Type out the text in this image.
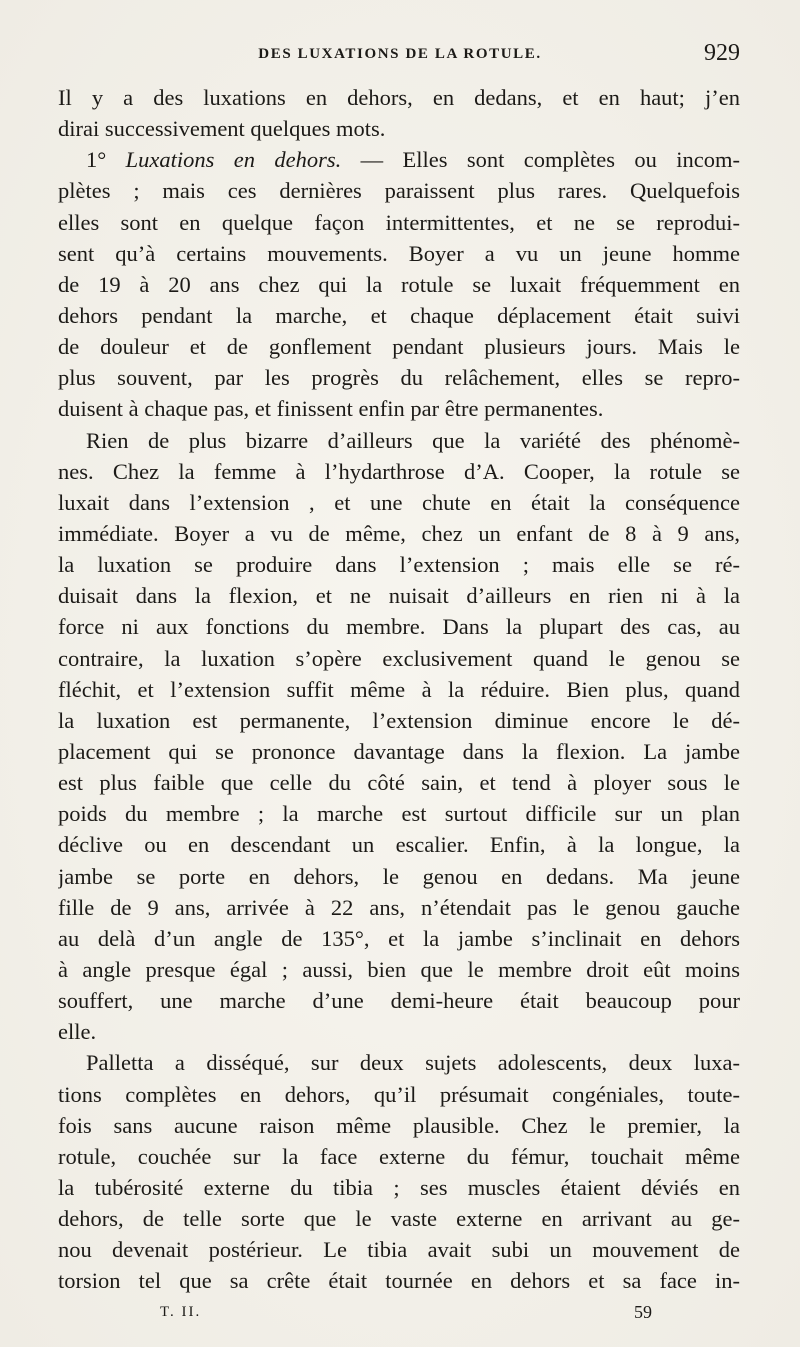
DES LUXATIONS DE LA ROTULE.	929
Il y a des luxations en dehors, en dedans, et en haut; j’en
dirai successivement quelques mots.
1° Luxations en dehors. — Elles sont complètes ou incom-
plètes ; mais ces dernières paraissent plus rares. Quelquefois
elles sont en quelque façon intermittentes, et ne se reprodui-
sent qu’à certains mouvements. Boyer a vu un jeune homme
de 19 à 20 ans chez qui la rotule se luxait fréquemment en
dehors pendant la marche, et chaque déplacement était suivi
de douleur et de gonflement pendant plusieurs jours. Mais le
plus souvent, par les progrès du relâchement, elles se repro-
duisent à chaque pas, et finissent enfin par être permanentes.
Rien de plus bizarre d’ailleurs que la variété des phénomè-
nes. Chez la femme à l’hydarthrose d’A. Cooper, la rotule se
luxait dans l’extension , et une chute en était la conséquence
immédiate. Boyer a vu de même, chez un enfant de 8 à 9 ans,
la luxation se produire dans l’extension ; mais elle se ré-
duisait dans la flexion, et ne nuisait d’ailleurs en rien ni à la
force ni aux fonctions du membre. Dans la plupart des cas, au
contraire, la luxation s’opère exclusivement quand le genou se
fléchit, et l’extension suffit même à la réduire. Bien plus, quand
la luxation est permanente, l’extension diminue encore le dé-
placement qui se prononce davantage dans la flexion. La jambe
est plus faible que celle du côté sain, et tend à ployer sous le
poids du membre ; la marche est surtout difficile sur un plan
déclive ou en descendant un escalier. Enfin, à la longue, la
jambe se porte en dehors, le genou en dedans. Ma jeune
fille de 9 ans, arrivée à 22 ans, n’étendait pas le genou gauche
au delà d’un angle de 135°, et la jambe s’inclinait en dehors
à angle presque égal ; aussi, bien que le membre droit eût moins
souffert, une marche d’une demi-heure était beaucoup pour
elle.
Palletta a disséqué, sur deux sujets adolescents, deux luxa-
tions complètes en dehors, qu’il présumait congéniales, toute-
fois sans aucune raison même plausible. Chez le premier, la
rotule, couchée sur la face externe du fémur, touchait même
la tubérosité externe du tibia ; ses muscles étaient déviés en
dehors, de telle sorte que le vaste externe en arrivant au ge-
nou devenait postérieur. Le tibia avait subi un mouvement de
torsion tel que sa crête était tournée en dehors et sa face in-
T. II.	59
